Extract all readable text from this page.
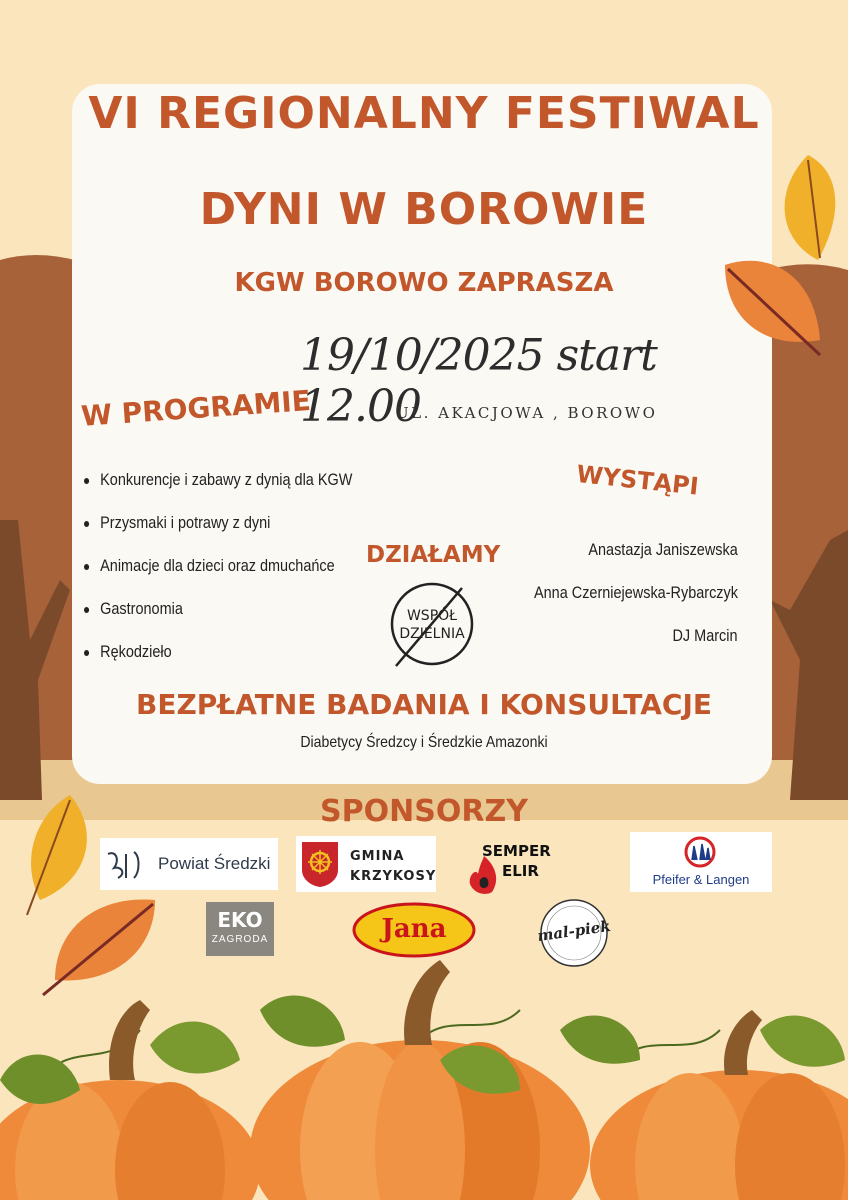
VI REGIONALNY FESTIWAL
DYNI W BOROWIE
KGW BOROWO ZAPRASZA
19/10/2025 start 12.00
UL. AKACJOWA , BOROWO
W PROGRAMIE
Konkurencje i zabawy z dynią dla KGW
Przysmaki i potrawy z dyni
Animacje dla dzieci oraz dmuchańce
Gastronomia
Rękodzieło
DZIAŁAMY
WSPÓŁ
DZIELNIA
WYSTĄPI
Anastazja Janiszewska
Anna Czerniejewska-Rybarczyk
DJ Marcin
BEZPŁATNE BADANIA I KONSULTACJE
Diabetycy Średzcy i Średzkie Amazonki
SPONSORZY
Powiat Średzki	GMINA
KRZYKOSY
SEMPER
ELIR	Pfeifer & Langen
EKO
ZAGRODA	Jana	mal-piek
